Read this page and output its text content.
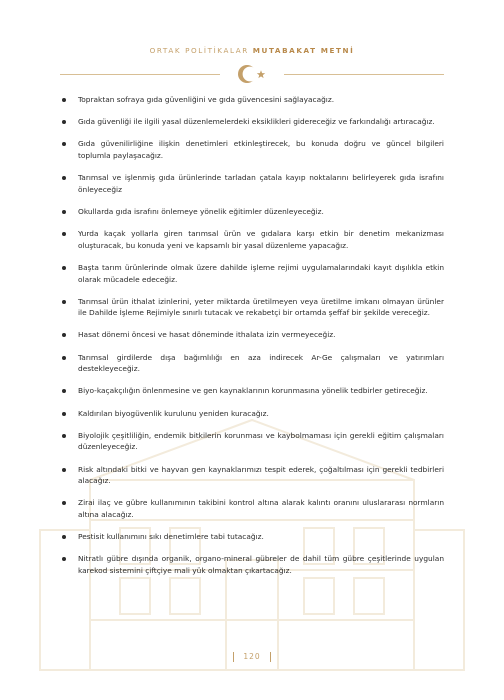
ORTAK POLİTİKALAR MUTABAKAT METNİ
Topraktan sofraya gıda güvenliğini ve gıda güvencesini sağlayacağız.
Gıda güvenliği ile ilgili yasal düzenlemelerdeki eksiklikleri gidereceğiz ve farkındalığı artıracağız.
Gıda güvenilirliğine ilişkin denetimleri etkinleştirecek, bu konuda doğru ve güncel bilgileri toplumla paylaşacağız.
Tarımsal ve işlenmiş gıda ürünlerinde tarladan çatala kayıp noktalarını belirleyerek gıda israfını önleyeceğiz
Okullarda gıda israfını önlemeye yönelik eğitimler düzenleyeceğiz.
Yurda kaçak yollarla giren tarımsal ürün ve gıdalara karşı etkin bir denetim mekanizması oluşturacak, bu konuda yeni ve kapsamlı bir yasal düzenleme yapacağız.
Başta tarım ürünlerinde olmak üzere dahilde işleme rejimi uygulamalarındaki kayıt dışılıkla etkin olarak mücadele edeceğiz.
Tarımsal ürün ithalat izinlerini, yeter miktarda üretilmeyen veya üretilme imkanı olmayan ürünler ile Dahilde İşleme Rejimiyle sınırlı tutacak ve rekabetçi bir ortamda şeffaf bir şekilde vereceğiz.
Hasat dönemi öncesi ve hasat döneminde ithalata izin vermeyeceğiz.
Tarımsal girdilerde dışa bağımlılığı en aza indirecek Ar-Ge çalışmaları ve yatırımları destekleyeceğiz.
Biyo-kaçakçılığın önlenmesine ve gen kaynaklarının korunmasına yönelik tedbirler getireceğiz.
Kaldırılan biyogüvenlik kurulunu yeniden kuracağız.
Biyolojik çeşitliliğin, endemik bitkilerin korunması ve kaybolmaması için gerekli eğitim çalışmaları düzenleyeceğiz.
Risk altındaki bitki ve hayvan gen kaynaklarımızı tespit ederek, çoğaltılması için gerekli tedbirleri alacağız.
Zirai ilaç ve gübre kullanımının takibini kontrol altına alarak kalıntı oranını uluslararası normların altına alacağız.
Pestisit kullanımını sıkı denetimlere tabi tutacağız.
Nitratlı gübre dışında organik, organo-mineral gübreler de dahil tüm gübre çeşitlerinde uygulan karekod sistemini çiftçiye mali yük olmaktan çıkartacağız.
120
